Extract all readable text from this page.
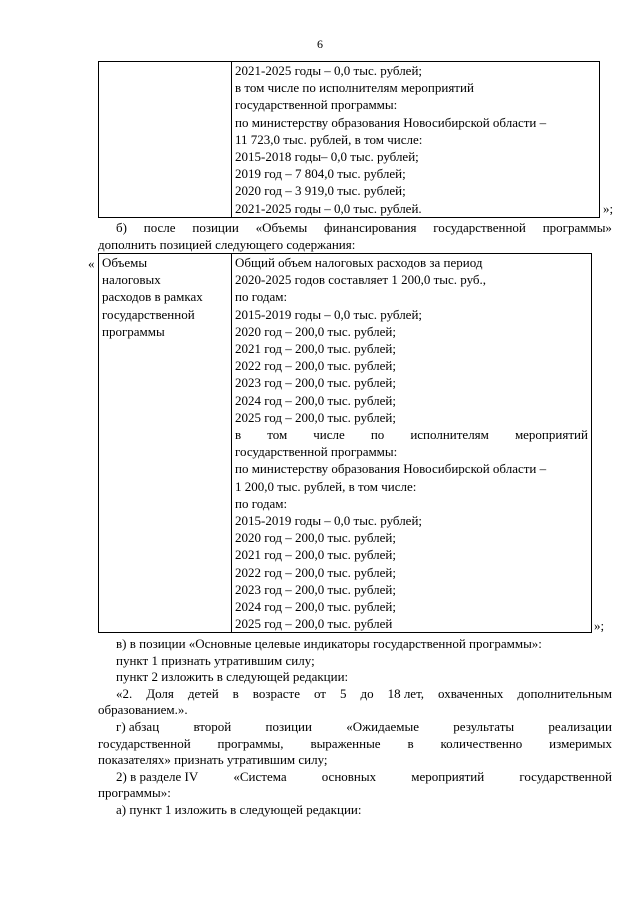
6

2021-2025 годы – 0,0 тыс. рублей;
в том числе по исполнителям мероприятий
государственной программы:
по министерству образования Новосибирской области –
11 723,0 тыс. рублей, в том числе:
2015-2018 годы– 0,0 тыс. рублей;
2019 год – 7 804,0 тыс. рублей;
2020 год – 3 919,0 тыс. рублей;
2021-2025 годы – 0,0 тыс. рублей.	»;
б) после позиции «Объемы финансирования государственной программы»
дополнить позицией следующего содержания:
« Объемы
налоговых
расходов в рамках
государственной
программы

Общий объем налоговых расходов за период
2020-2025 годов составляет 1 200,0 тыс. руб.,
по годам:
2015-2019 годы – 0,0 тыс. рублей;
2020 год – 200,0 тыс. рублей;
2021 год – 200,0 тыс. рублей;
2022 год – 200,0 тыс. рублей;
2023 год – 200,0 тыс. рублей;
2024 год – 200,0 тыс. рублей;
2025 год – 200,0 тыс. рублей;
в том числе по исполнителям мероприятий
государственной программы:
по министерству образования Новосибирской области –
1 200,0 тыс. рублей, в том числе:
по годам:
2015-2019 годы – 0,0 тыс. рублей;
2020 год – 200,0 тыс. рублей;
2021 год – 200,0 тыс. рублей;
2022 год – 200,0 тыс. рублей;
2023 год – 200,0 тыс. рублей;
2024 год – 200,0 тыс. рублей;
2025 год – 200,0 тыс. рублей	»;
в) в позиции «Основные целевые индикаторы государственной программы»:
пункт 1 признать утратившим силу;
пункт 2 изложить в следующей редакции:
«2. Доля детей в возрасте от 5 до 18 лет, охваченных дополнительным
образованием.».
г) абзац	второй	позиции	«Ожидаемые	результаты	реализации
государственной программы, выраженные в количественно измеримых
показателях» признать утратившим силу;
2) в разделе IV	«Система	основных	мероприятий	государственной
программы»:
а) пункт 1 изложить в следующей редакции:
